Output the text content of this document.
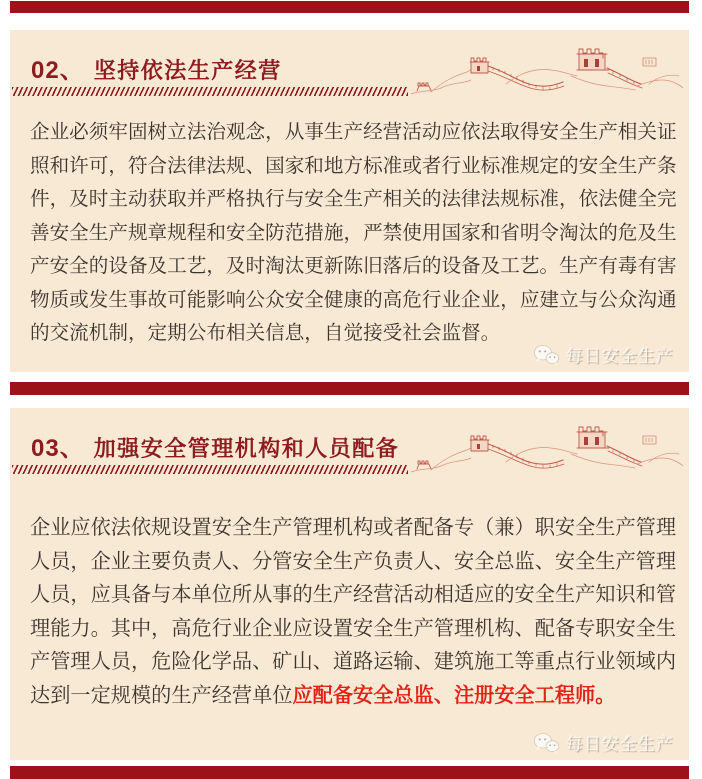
02、 坚持依法生产经营
企业必须牢固树立法治观念，从事生产经营活动应依法取得安全生产相关证
照和许可，符合法律法规、国家和地方标准或者行业标准规定的安全生产条
件，及时主动获取并严格执行与安全生产相关的法律法规标准，依法健全完
善安全生产规章规程和安全防范措施，严禁使用国家和省明令淘汰的危及生
产安全的设备及工艺，及时淘汰更新陈旧落后的设备及工艺。生产有毒有害
物质或发生事故可能影响公众安全健康的高危行业企业，应建立与公众沟通
的交流机制，定期公布相关信息，自觉接受社会监督。
每日安全生产
03、 加强安全管理机构和人员配备
企业应依法依规设置安全生产管理机构或者配备专（兼）职安全生产管理
人员，企业主要负责人、分管安全生产负责人、安全总监、安全生产管理
人员，应具备与本单位所从事的生产经营活动相适应的安全生产知识和管
理能力。其中，高危行业企业应设置安全生产管理机构、配备专职安全生
产管理人员，危险化学品、矿山、道路运输、建筑施工等重点行业领域内
达到一定规模的生产经营单位应配备安全总监、注册安全工程师。
每日安全生产
